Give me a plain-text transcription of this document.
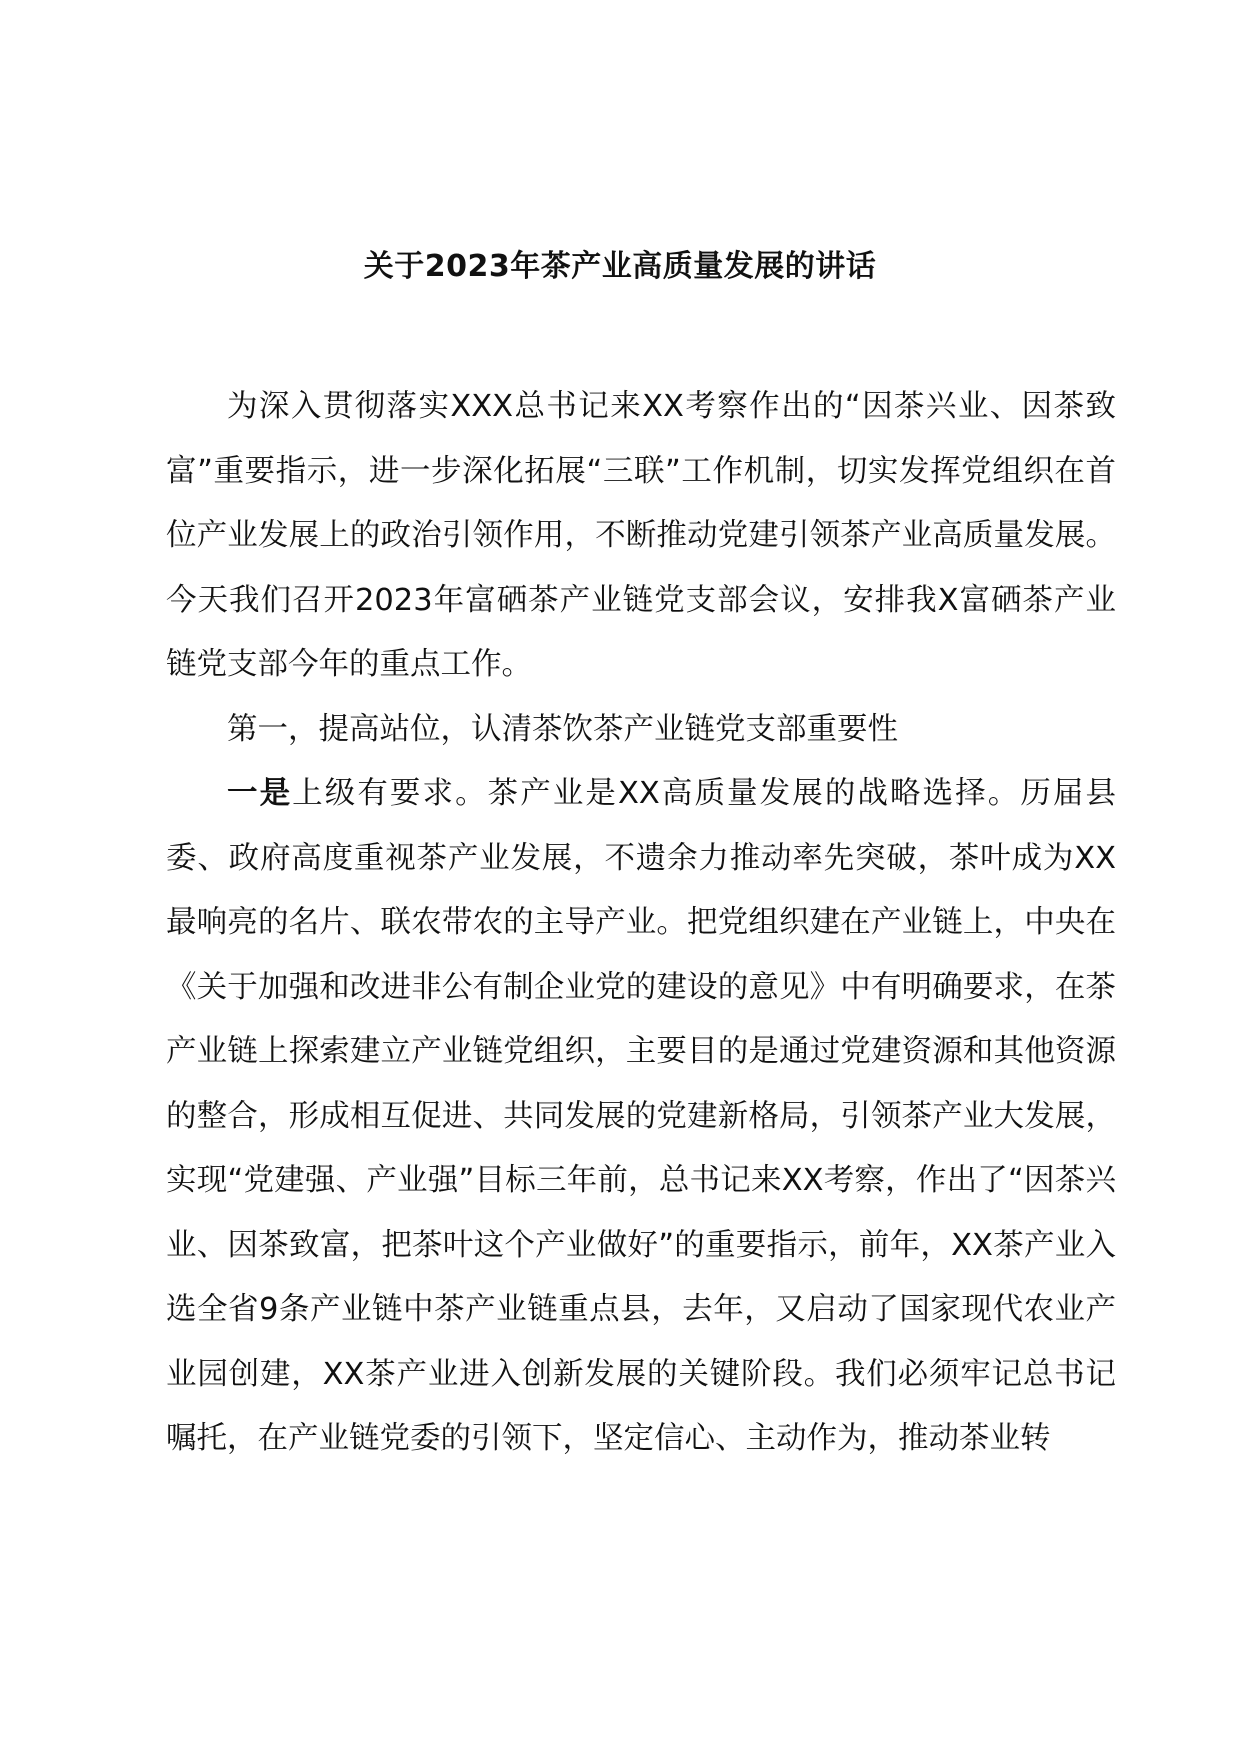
关于2023年茶产业高质量发展的讲话

为深入贯彻落实XXX总书记来XX考察作出的“因茶兴业、因茶致富”重要指示，进一步深化拓展“三联”工作机制，切实发挥党组织在首位产业发展上的政治引领作用，不断推动党建引领茶产业高质量发展。今天我们召开2023年富硒茶产业链党支部会议，安排我X富硒茶产业链党支部今年的重点工作。

第一，提高站位，认清茶饮茶产业链党支部重要性

一是上级有要求。茶产业是XX高质量发展的战略选择。历届县委、政府高度重视茶产业发展，不遗余力推动率先突破，茶叶成为XX最响亮的名片、联农带农的主导产业。把党组织建在产业链上，中央在《关于加强和改进非公有制企业党的建设的意见》中有明确要求，在茶产业链上探索建立产业链党组织，主要目的是通过党建资源和其他资源的整合，形成相互促进、共同发展的党建新格局，引领茶产业大发展，实现“党建强、产业强”目标三年前，总书记来XX考察，作出了“因茶兴业、因茶致富，把茶叶这个产业做好”的重要指示，前年，XX茶产业入选全省9条产业链中茶产业链重点县，去年，又启动了国家现代农业产业园创建，XX茶产业进入创新发展的关键阶段。我们必须牢记总书记嘱托，在产业链党委的引领下，坚定信心、主动作为，推动茶业转
